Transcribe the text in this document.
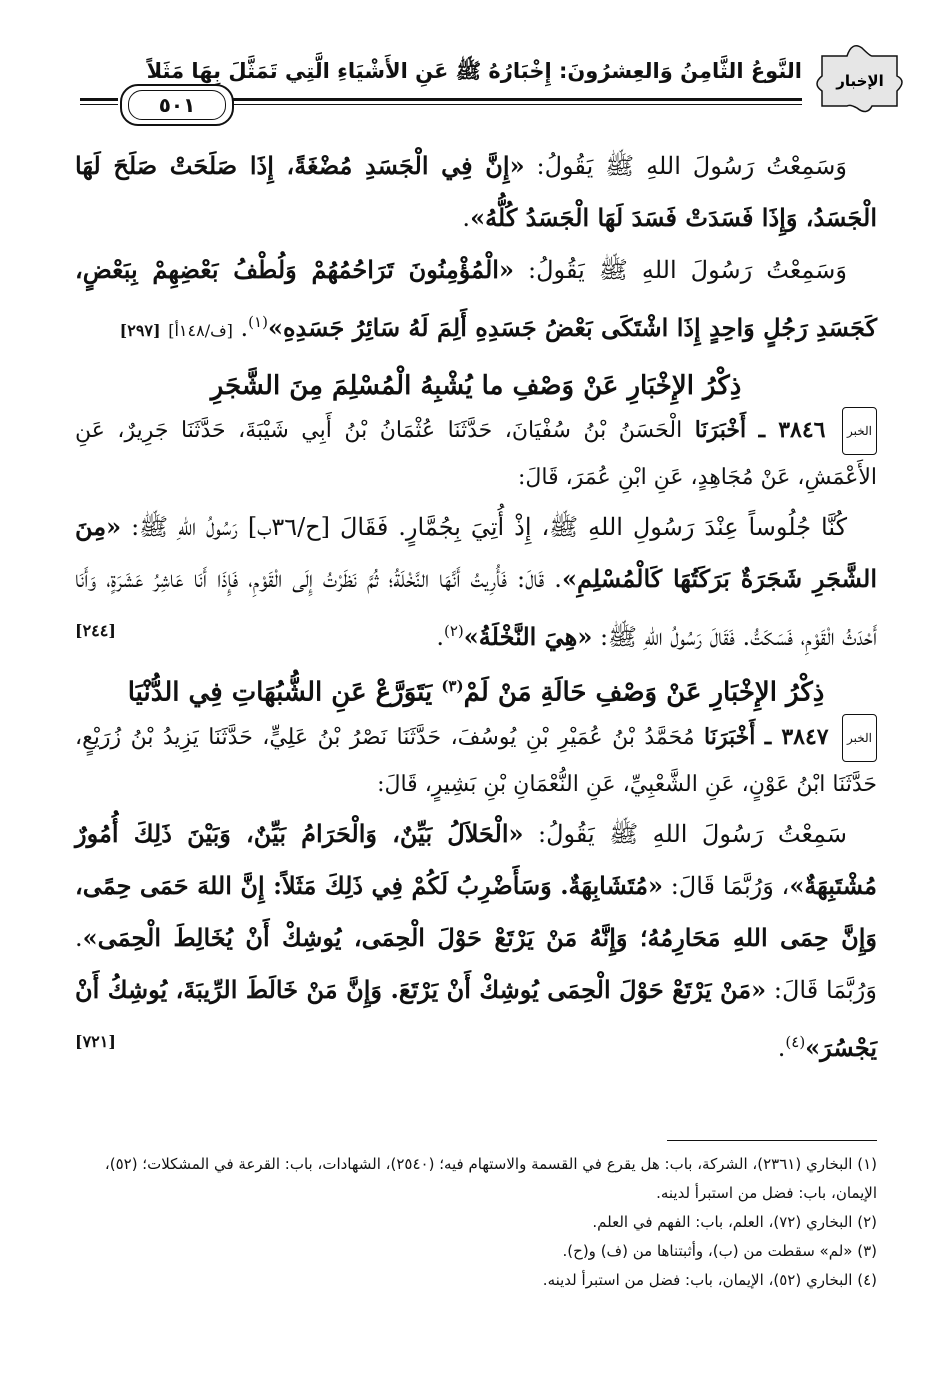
الإخبار
النَّوعُ الثَّامِنُ وَالعِشرُونَ: إِخْبَارُهُ ﷺ عَنِ الأَشْيَاءِ الَّتِي تَمَثَّلَ بِهَا مَثَلاً
٥٠١

وَسَمِعْتُ رَسُولَ اللهِ ﷺ يَقُولُ: «إِنَّ فِي الْجَسَدِ مُضْغَةً، إِذَا صَلَحَتْ صَلَحَ لَهَا الْجَسَدُ، وَإِذَا فَسَدَتْ فَسَدَ لَهَا الْجَسَدُ كُلُّهُ».

وَسَمِعْتُ رَسُولَ اللهِ ﷺ يَقُولُ: «الْمُؤْمِنُونَ تَرَاحُمُهُمْ وَلُطْفُ بَعْضِهِمْ بِبَعْضٍ، كَجَسَدِ رَجُلٍ وَاحِدٍ إِذَا اشْتَكَى بَعْضُ جَسَدِهِ أَلِمَ لَهُ سَائِرُ جَسَدِهِ»$^{(١)}$. [ف/١٤٨أ] [٢٩٧]

ذِكْرُ الإِخْبَارِ عَنْ وَصْفِ ما يُشْبِهُ الْمُسْلِمَ مِنَ الشَّجَرِ

الخبر ٣٨٤٦ ـ أَخْبَرَنَا الْحَسَنُ بْنُ سُفْيَانَ، حَدَّثَنَا عُثْمَانُ بْنُ أَبِي شَيْبَةَ، حَدَّثَنَا جَرِيرٌ، عَنِ الأَعْمَشِ، عَنْ مُجَاهِدٍ، عَنِ ابْنِ عُمَرَ، قَالَ:

كُنَّا جُلُوساً عِنْدَ رَسُولِ اللهِ ﷺ، إِذْ أُتِيَ بِجُمَّارٍ. فَقَالَ [ح/٣٦ب] رَسُولُ اللهِ ﷺ: «مِنَ الشَّجَرِ شَجَرَةٌ بَرَكَتُهَا كَالْمُسْلِمِ». قَالَ: فَأُرِيتُ أَنَّهَا النَّخْلَةُ؛ ثُمَّ نَظَرْتُ إِلَى الْقَوْمِ، فَإِذَا أَنَا عَاشِرُ عَشَرَةٍ، وَأَنَا أَحْدَثُ الْقَوْمِ، فَسَكَتُّ. فَقَالَ رَسُولُ اللهِ ﷺ: «هِيَ النَّخْلَةُ»$^{(٢)}$.
[٢٤٤]

ذِكْرُ الإِخْبَارِ عَنْ وَصْفِ حَالَةِ مَنْ لَمْ$^{(٣)}$ يَتَوَرَّعْ عَنِ الشُّبُهَاتِ فِي الدُّنْيَا

الخبر ٣٨٤٧ ـ أَخْبَرَنَا مُحَمَّدُ بْنُ عُمَيْرِ بْنِ يُوسُفَ، حَدَّثَنَا نَصْرُ بْنُ عَلِيٍّ، حَدَّثَنَا يَزِيدُ بْنُ زُرَيْعٍ، حَدَّثَنَا ابْنُ عَوْنٍ، عَنِ الشَّعْبِيِّ، عَنِ النُّعْمَانِ بْنِ بَشِيرٍ، قَالَ:

سَمِعْتُ رَسُولَ اللهِ ﷺ يَقُولُ: «الْحَلاَلُ بَيِّنٌ، وَالْحَرَامُ بَيِّنٌ، وَبَيْنَ ذَلِكَ أُمُورٌ مُشْتَبِهَةٌ»، وَرُبَّمَا قَالَ: «مُتَشَابِهَةٌ. وَسَأَضْرِبُ لَكُمْ فِي ذَلِكَ مَثَلاً: إِنَّ اللهَ حَمَى حِمًى، وَإِنَّ حِمَى اللهِ مَحَارِمُهُ؛ وَإِنَّهُ مَنْ يَرْتَعْ حَوْلَ الْحِمَى، يُوشِكْ أَنْ يُخَالِطَ الْحِمَى». وَرُبَّمَا قَالَ: «مَنْ يَرْتَعْ حَوْلَ الْحِمَى يُوشِكْ أَنْ يَرْتَعَ. وَإِنَّ مَنْ خَالَطَ الرِّيبَةَ، يُوشِكُ أَنْ يَجْسُرَ»$^{(٤)}$.
[٧٢١]

(١) البخاري (٢٣٦١)، الشركة، باب: هل يقرع في القسمة والاستهام فيه؛ (٢٥٤٠)، الشهادات، باب: القرعة في المشكلات؛ (٥٢)، الإيمان، باب: فضل من استبرأ لدينه.

(٢) البخاري (٧٢)، العلم، باب: الفهم في العلم.

(٣) «لم» سقطت من (ب)، وأثبتناها من (ف) و(ح).

(٤) البخاري (٥٢)، الإيمان، باب: فضل من استبرأ لدينه.
